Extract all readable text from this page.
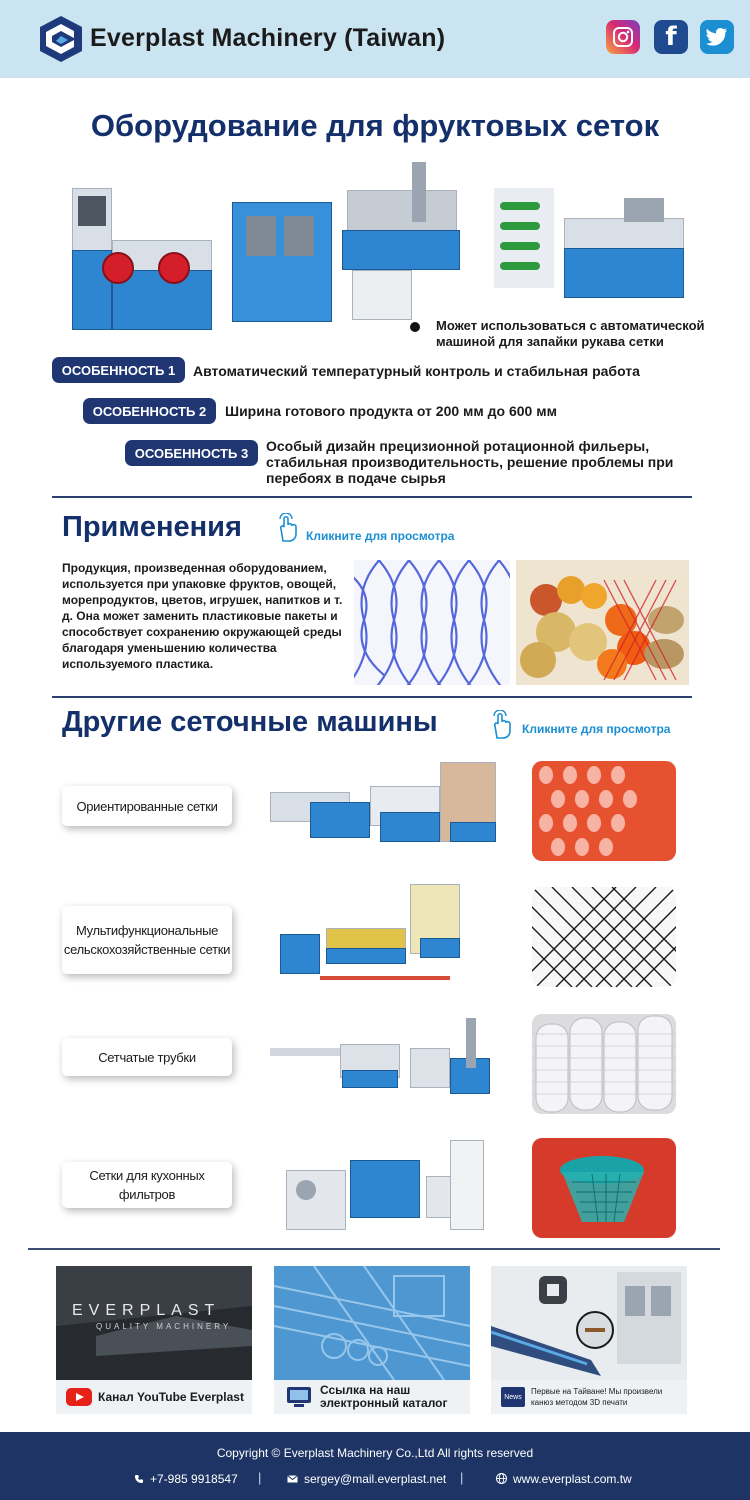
Everplast Machinery (Taiwan)	f
Оборудование для фруктовых сеток
Может использоваться с автоматической машиной для запайки рукава сетки
ОСОБЕННОСТЬ 1	Автоматический температурный контроль и стабильная работа
ОСОБЕННОСТЬ 2	Ширина готового продукта от 200 мм до 600 мм
ОСОБЕННОСТЬ 3	Особый дизайн прецизионной ротационной фильеры, стабильная производительность, решение проблемы при перебоях в подаче сырья
Применения	Кликните для просмотра
Продукция, произведенная оборудованием, используется при упаковке фруктов, овощей, морепродуктов, цветов, игрушек, напитков и т. д. Она может заменить пластиковые пакеты и способствует сохранению окружающей среды благодаря уменьшению количества используемого пластика.
Другие сеточные машины	Кликните для просмотра
Ориентированные сетки
Мультифункциональные сельскохозяйственные сетки
Сетчатые трубки
Сетки для кухонных фильтров
EVERPLAST
QUALITY MACHINERY
Канал YouTube Everplast	Ссылка на наш электронный каталог	News
Первые на Тайване! Мы произвели канюз методом 3D печати
Copyright © Everplast Machinery Co.,Ltd All rights reserved
+7-985 9918547 |	sergey@mail.everplast.net |	www.everplast.com.tw
